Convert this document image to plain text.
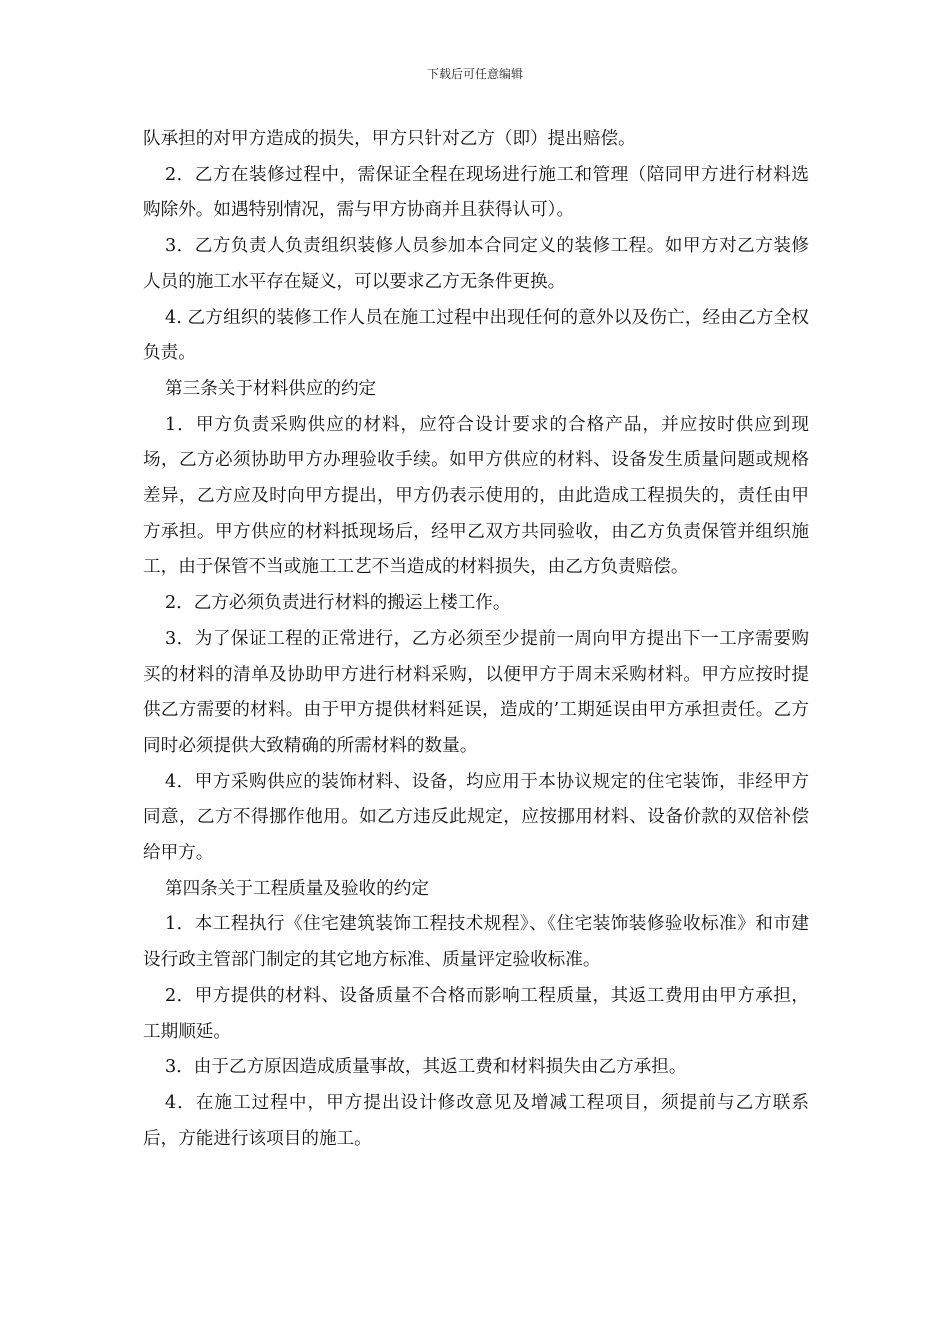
下载后可任意编辑

队承担的对甲方造成的损失，甲方只针对乙方（即）提出赔偿。

2．乙方在装修过程中，需保证全程在现场进行施工和管理（陪同甲方进行材料选购除外。如遇特别情况，需与甲方协商并且获得认可）。

3．乙方负责人负责组织装修人员参加本合同定义的装修工程。如甲方对乙方装修人员的施工水平存在疑义，可以要求乙方无条件更换。

4. 乙方组织的装修工作人员在施工过程中出现任何的意外以及伤亡，经由乙方全权负责。

第三条关于材料供应的约定

1．甲方负责采购供应的材料，应符合设计要求的合格产品，并应按时供应到现场，乙方必须协助甲方办理验收手续。如甲方供应的材料、设备发生质量问题或规格差异，乙方应及时向甲方提出，甲方仍表示使用的，由此造成工程损失的，责任由甲方承担。甲方供应的材料抵现场后，经甲乙双方共同验收，由乙方负责保管并组织施工，由于保管不当或施工工艺不当造成的材料损失，由乙方负责赔偿。

2．乙方必须负责进行材料的搬运上楼工作。

3．为了保证工程的正常进行，乙方必须至少提前一周向甲方提出下一工序需要购买的材料的清单及协助甲方进行材料采购，以便甲方于周末采购材料。甲方应按时提供乙方需要的材料。由于甲方提供材料延误，造成的’工期延误由甲方承担责任。乙方同时必须提供大致精确的所需材料的数量。

4．甲方采购供应的装饰材料、设备，均应用于本协议规定的住宅装饰，非经甲方同意，乙方不得挪作他用。如乙方违反此规定，应按挪用材料、设备价款的双倍补偿给甲方。

第四条关于工程质量及验收的约定

1．本工程执行《住宅建筑装饰工程技术规程》、《住宅装饰装修验收标准》和市建设行政主管部门制定的其它地方标准、质量评定验收标准。

2．甲方提供的材料、设备质量不合格而影响工程质量，其返工费用由甲方承担，工期顺延。

3．由于乙方原因造成质量事故，其返工费和材料损失由乙方承担。

4．在施工过程中，甲方提出设计修改意见及增减工程项目，须提前与乙方联系后，方能进行该项目的施工。
